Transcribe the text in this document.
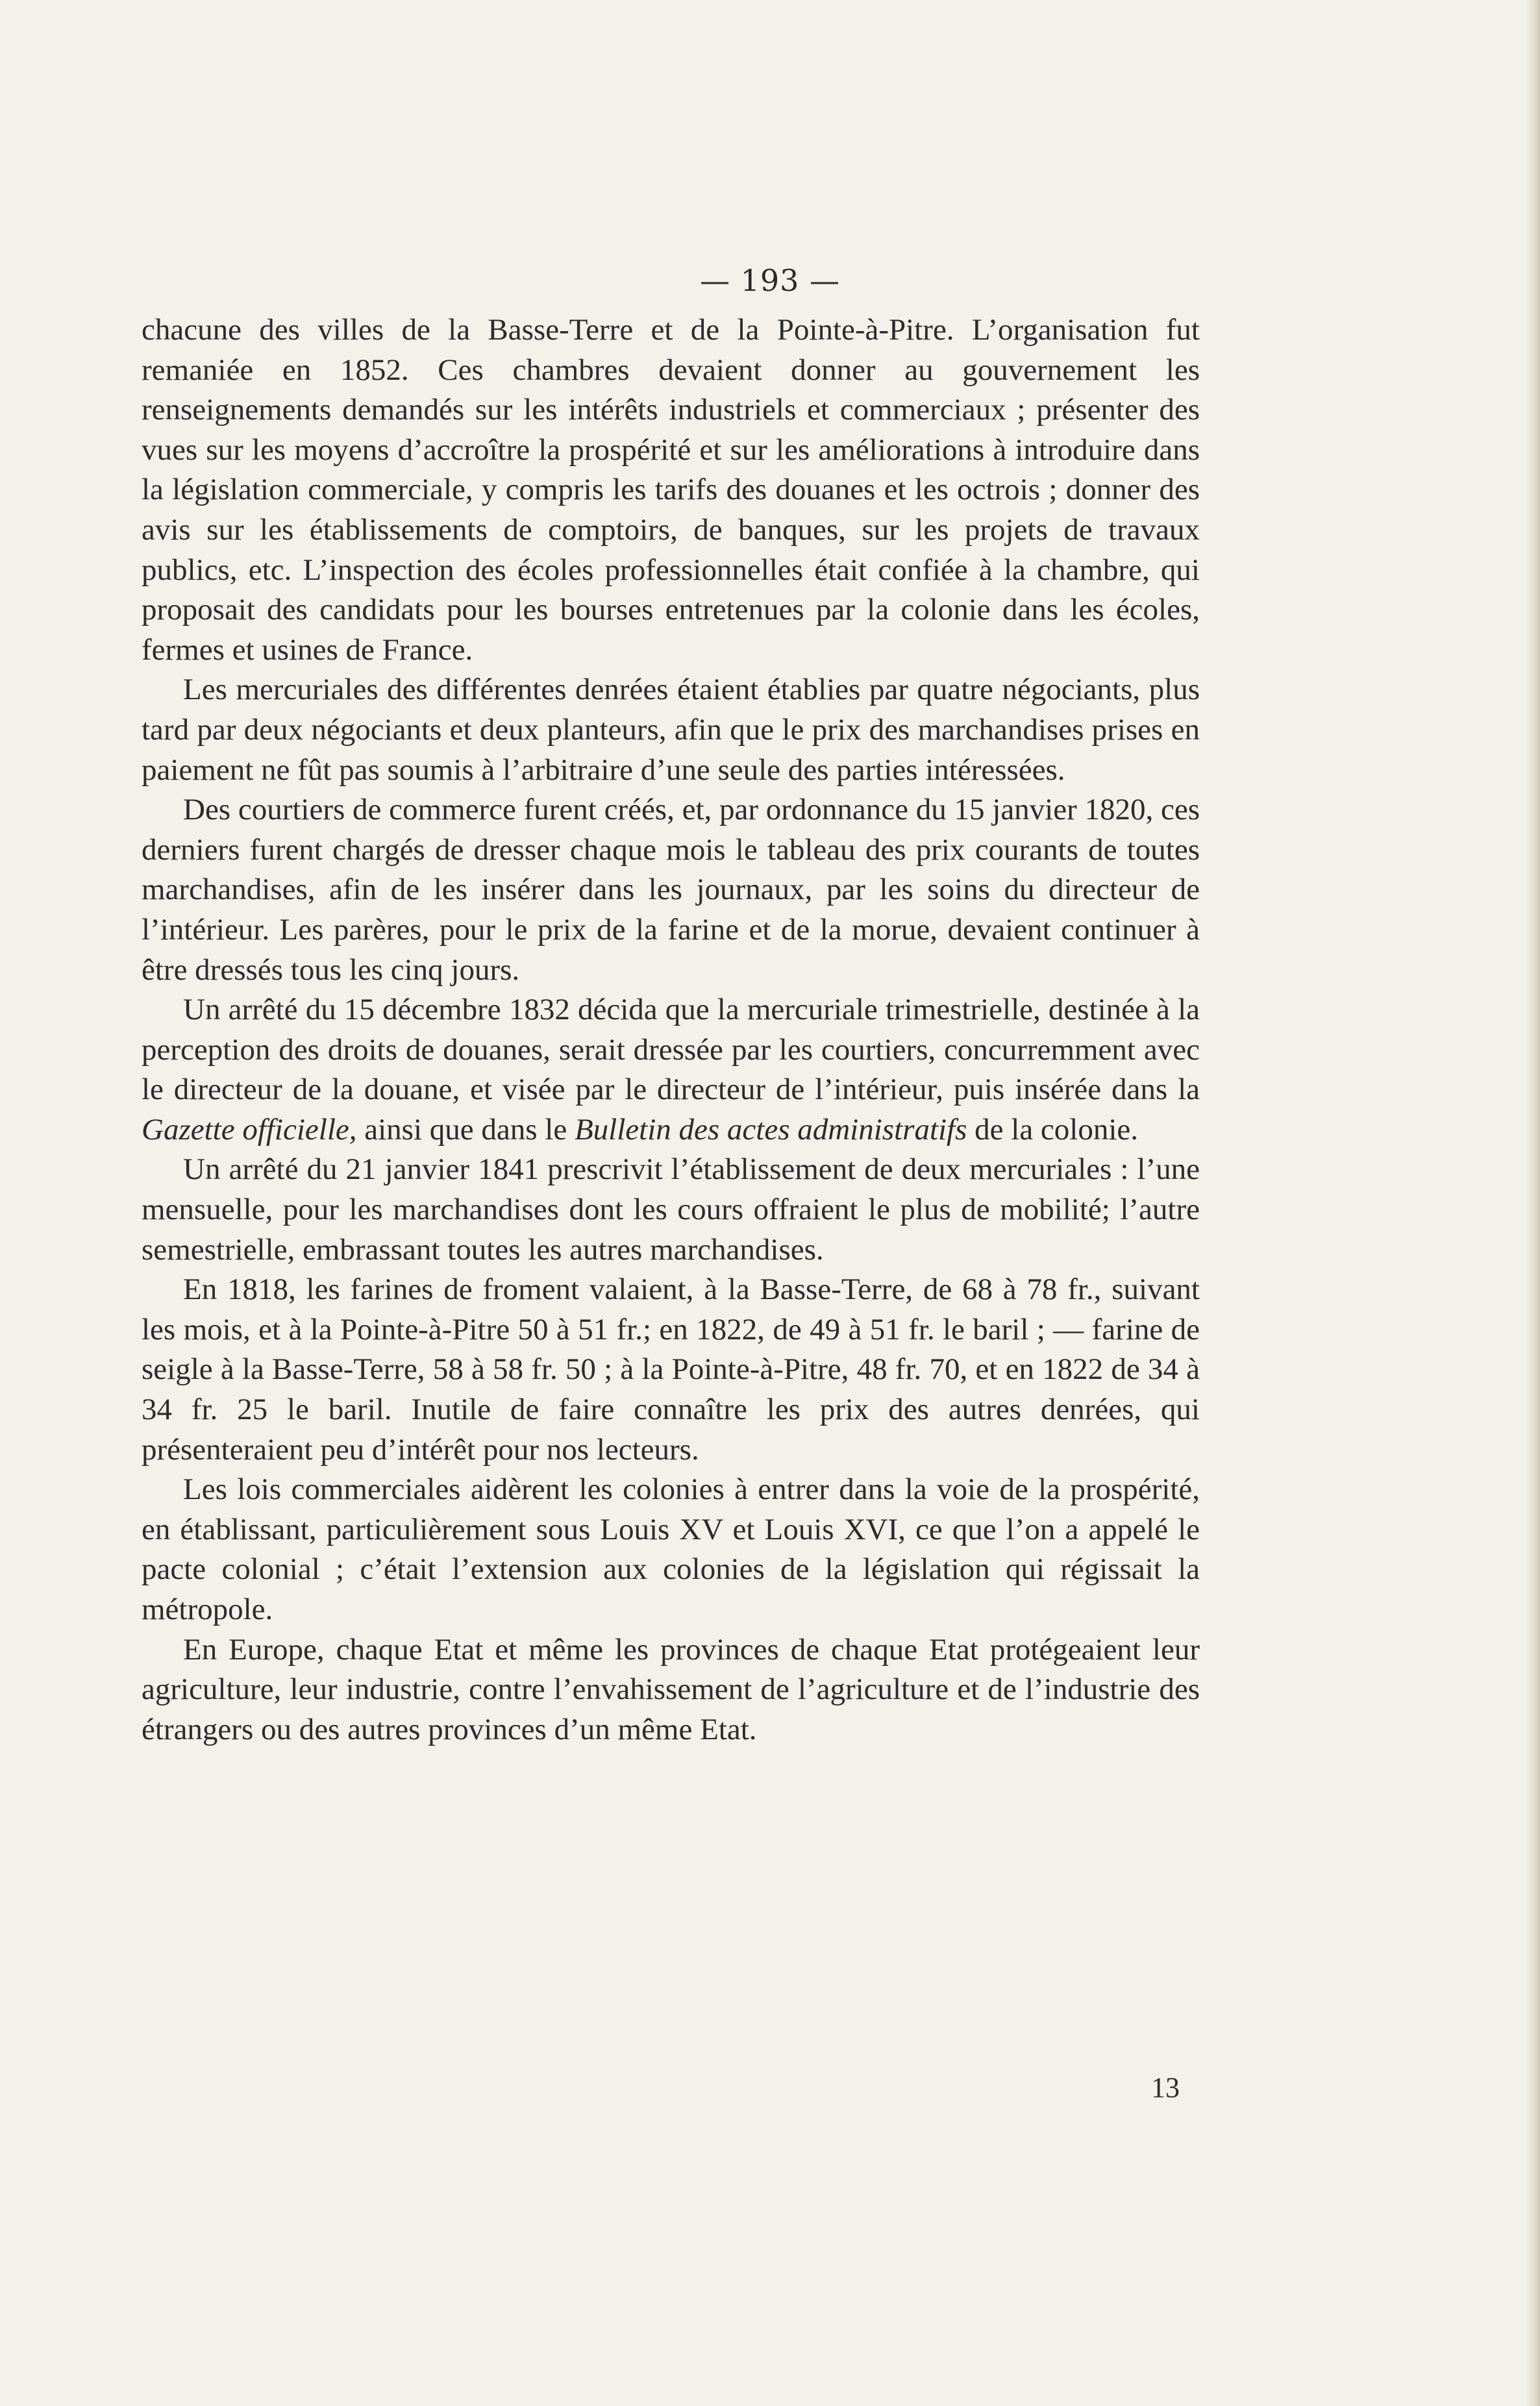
— 193 —

chacune des villes de la Basse-Terre et de la Pointe-à-Pitre. L’organisation fut remaniée en 1852. Ces chambres devaient donner au gouvernement les renseignements demandés sur les intérêts industriels et commerciaux ; présenter des vues sur les moyens d’accroître la prospérité et sur les améliorations à introduire dans la législation commerciale, y compris les tarifs des douanes et les octrois ; donner des avis sur les établissements de comptoirs, de banques, sur les projets de travaux publics, etc. L’inspection des écoles professionnelles était confiée à la chambre, qui proposait des candidats pour les bourses entretenues par la colonie dans les écoles, fermes et usines de France.

Les mercuriales des différentes denrées étaient établies par quatre négociants, plus tard par deux négociants et deux planteurs, afin que le prix des marchandises prises en paiement ne fût pas soumis à l’arbitraire d’une seule des parties intéressées.

Des courtiers de commerce furent créés, et, par ordonnance du 15 janvier 1820, ces derniers furent chargés de dresser chaque mois le tableau des prix courants de toutes marchandises, afin de les insérer dans les journaux, par les soins du directeur de l’intérieur. Les parères, pour le prix de la farine et de la morue, devaient continuer à être dressés tous les cinq jours.

Un arrêté du 15 décembre 1832 décida que la mercuriale trimestrielle, destinée à la perception des droits de douanes, serait dressée par les courtiers, concurremment avec le directeur de la douane, et visée par le directeur de l’intérieur, puis insérée dans la Gazette officielle, ainsi que dans le Bulletin des actes administratifs de la colonie.

Un arrêté du 21 janvier 1841 prescrivit l’établissement de deux mercuriales : l’une mensuelle, pour les marchandises dont les cours offraient le plus de mobilité; l’autre semestrielle, embrassant toutes les autres marchandises.

En 1818, les farines de froment valaient, à la Basse-Terre, de 68 à 78 fr., suivant les mois, et à la Pointe-à-Pitre 50 à 51 fr.; en 1822, de 49 à 51 fr. le baril ; — farine de seigle à la Basse-Terre, 58 à 58 fr. 50 ; à la Pointe-à-Pitre, 48 fr. 70, et en 1822 de 34 à 34 fr. 25 le baril. Inutile de faire connaître les prix des autres denrées, qui présenteraient peu d’intérêt pour nos lecteurs.

Les lois commerciales aidèrent les colonies à entrer dans la voie de la prospérité, en établissant, particulièrement sous Louis XV et Louis XVI, ce que l’on a appelé le pacte colonial ; c’était l’extension aux colonies de la législation qui régissait la métropole.

En Europe, chaque Etat et même les provinces de chaque Etat protégeaient leur agriculture, leur industrie, contre l’envahissement de l’agriculture et de l’industrie des étrangers ou des autres provinces d’un même Etat.

13
